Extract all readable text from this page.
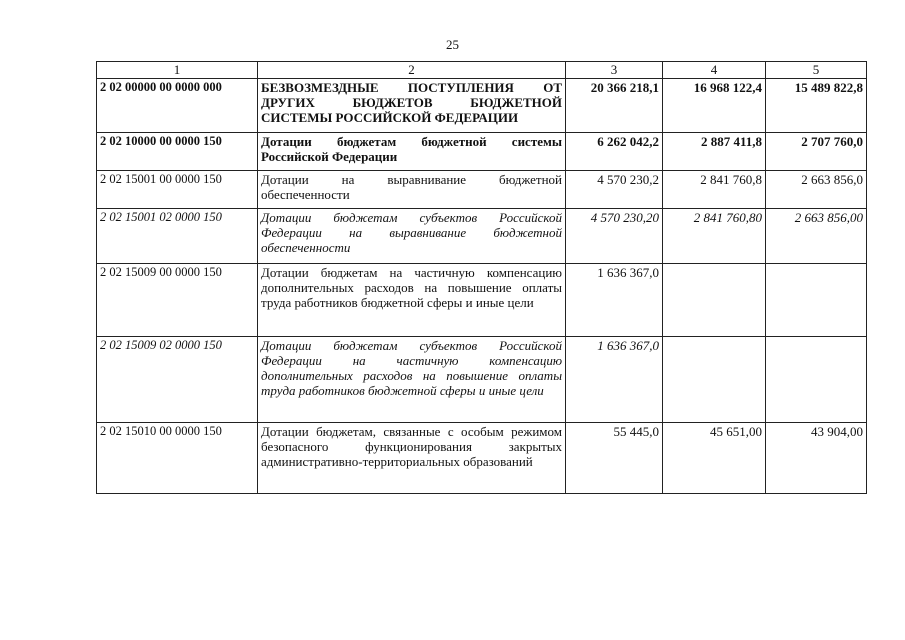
25
1	2	3	4	5
2 02 00000 00 0000 000	БЕЗВОЗМЕЗДНЫЕ ПОСТУПЛЕНИЯ ОТ ДРУГИХ БЮДЖЕТОВ БЮДЖЕТНОЙ СИСТЕМЫ РОССИЙСКОЙ ФЕДЕРАЦИИ	20 366 218,1	16 968 122,4	15 489 822,8
2 02 10000 00 0000 150	Дотации бюджетам бюджетной системы Российской Федерации	6 262 042,2	2 887 411,8	2 707 760,0
2 02 15001 00 0000 150	Дотации на выравнивание бюджетной обеспеченности	4 570 230,2	2 841 760,8	2 663 856,0
2 02 15001 02 0000 150	Дотации бюджетам субъектов Российской Федерации на выравнивание бюджетной обеспеченности	4 570 230,20	2 841 760,80	2 663 856,00
2 02 15009 00 0000 150	Дотации бюджетам на частичную компенсацию дополнительных расходов на повышение оплаты труда работников бюджетной сферы и иные цели	1 636 367,0		
2 02 15009 02 0000 150	Дотации бюджетам субъектов Российской Федерации на частичную компенсацию дополнительных расходов на повышение оплаты труда работников бюджетной сферы и иные цели	1 636 367,0		
2 02 15010 00 0000 150	Дотации бюджетам, связанные с особым режимом безопасного функционирования закрытых административно-территориальных образований	55 445,0	45 651,00	43 904,00
